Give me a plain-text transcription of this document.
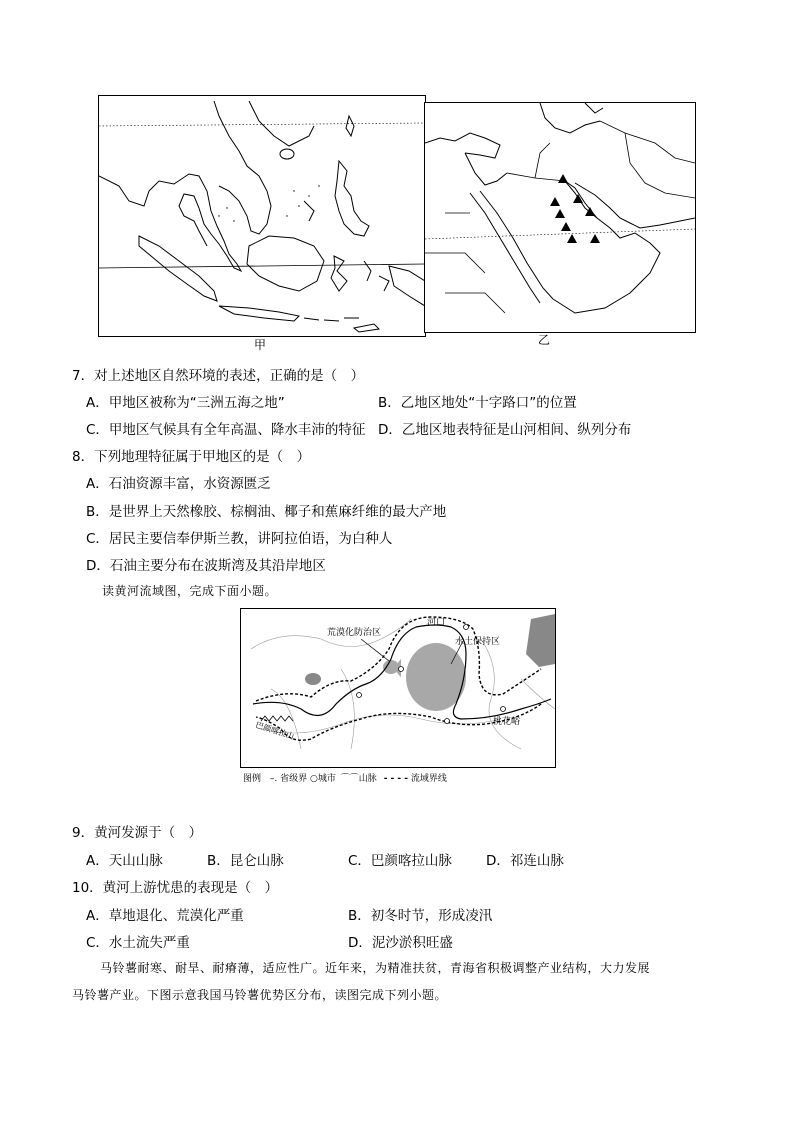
甲	乙
7．对上述地区自然环境的表述，正确的是（　）
A．甲地区被称为“三洲五海之地”	B．乙地区地处“十字路口”的位置
C．甲地区气候具有全年高温、降水丰沛的特征 D．乙地区地表特征是山河相间、纵列分布
8．下列地理特征属于甲地区的是（　）
A．石油资源丰富，水资源匮乏
B．是世界上天然橡胶、棕榈油、椰子和蕉麻纤维的最大产地
C．居民主要信奉伊斯兰教，讲阿拉伯语，为白种人
D．石油主要分布在波斯湾及其沿岸地区
读黄河流域图，完成下面小题。
荒漠化防治区
河口
水土保持区
桃花峪
巴颜喀拉山
图例 –. 省级界 ○城市 ⌒⌒山脉 - - - - 流域界线
9．黄河发源于（　）
A．天山山脉	B．昆仑山脉	C．巴颜喀拉山脉	D．祁连山脉
10．黄河上游忧患的表现是（　）
A．草地退化、荒漠化严重	B．初冬时节，形成凌汛
C．水土流失严重	D．泥沙淤积旺盛
马铃薯耐寒、耐旱、耐瘠薄，适应性广。近年来，为精准扶贫，青海省积极调整产业结构，大力发展
马铃薯产业。下图示意我国马铃薯优势区分布，读图完成下列小题。
